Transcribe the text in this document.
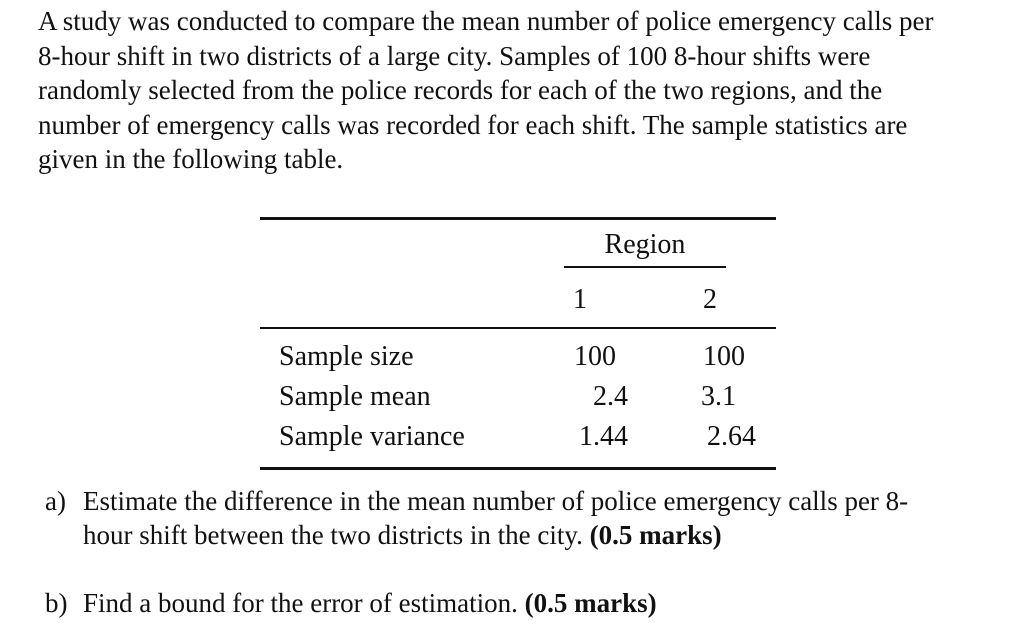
A study was conducted to compare the mean number of police emergency calls per
8-hour shift in two districts of a large city. Samples of 100 8-hour shifts were
randomly selected from the police records for each of the two regions, and the
number of emergency calls was recorded for each shift. The sample statistics are
given in the following table.
Region
1	2
Sample size	100	100
Sample mean	2.4	3.1
Sample variance	1.44	2.64
a) Estimate the difference in the mean number of police emergency calls per 8-
hour shift between the two districts in the city. (0.5 marks)
b) Find a bound for the error of estimation. (0.5 marks)
